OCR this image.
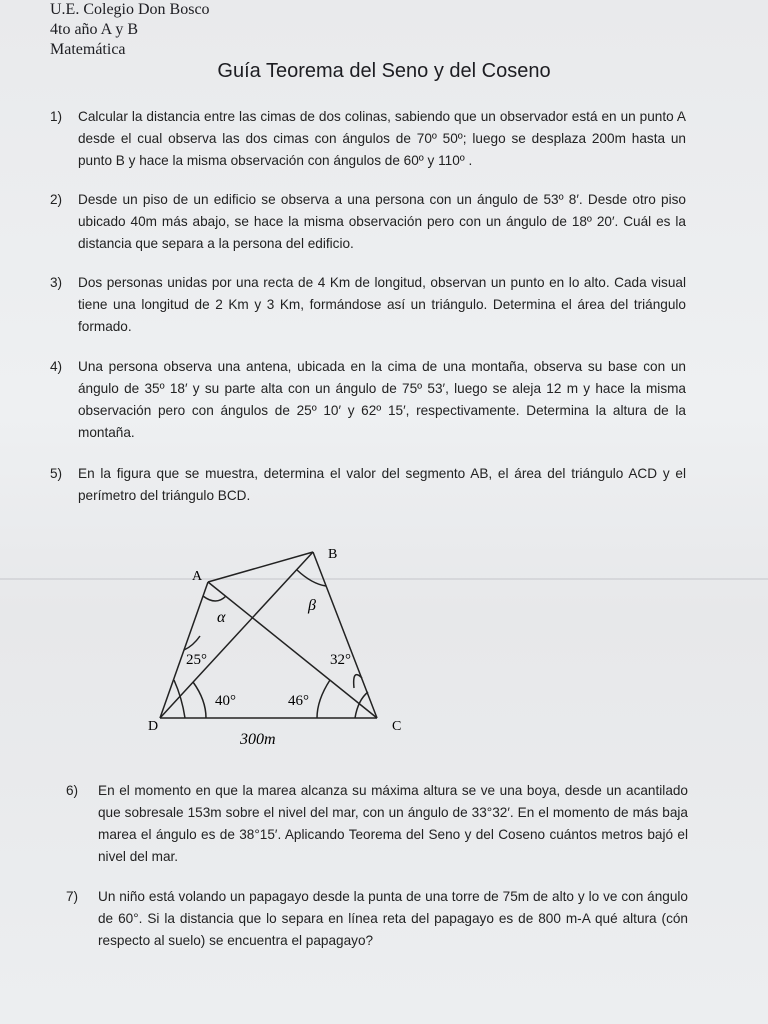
U.E. Colegio Don Bosco
4to año A y B
Matemática
Guía Teorema del Seno y del Coseno
1) Calcular la distancia entre las cimas de dos colinas, sabiendo que un observador está en un punto A desde el cual observa las dos cimas con ángulos de 70º 50º; luego se desplaza 200m hasta un punto B y hace la misma observación con ángulos de 60º y 110º .
2) Desde un piso de un edificio se observa a una persona con un ángulo de 53º 8′. Desde otro piso ubicado 40m más abajo, se hace la misma observación pero con un ángulo de 18º 20′. Cuál es la distancia que separa a la persona del edificio.
3) Dos personas unidas por una recta de 4 Km de longitud, observan un punto en lo alto. Cada visual tiene una longitud de 2 Km y 3 Km, formándose así un triángulo. Determina el área del triángulo formado.
4) Una persona observa una antena, ubicada en la cima de una montaña, observa su base con un ángulo de 35º 18′ y su parte alta con un ángulo de 75º 53′, luego se aleja 12 m y hace la misma observación pero con ángulos de 25º 10′ y 62º 15′, respectivamente. Determina la altura de la montaña.
5) En la figura que se muestra, determina el valor del segmento AB, el área del triángulo ACD y el perímetro del triángulo BCD.
A
B
C
D
α
β
25°	32°
40°	46°
300m
6) En el momento en que la marea alcanza su máxima altura se ve una boya, desde un acantilado que sobresale 153m sobre el nivel del mar, con un ángulo de 33°32′. En el momento de más baja marea el ángulo es de 38°15′. Aplicando Teorema del Seno y del Coseno cuántos metros bajó el nivel del mar.
7) Un niño está volando un papagayo desde la punta de una torre de 75m de alto y lo ve con ángulo de 60°. Si la distancia que lo separa en línea reta del papagayo es de 800 m-A qué altura (cón respecto al suelo) se encuentra el papagayo?
